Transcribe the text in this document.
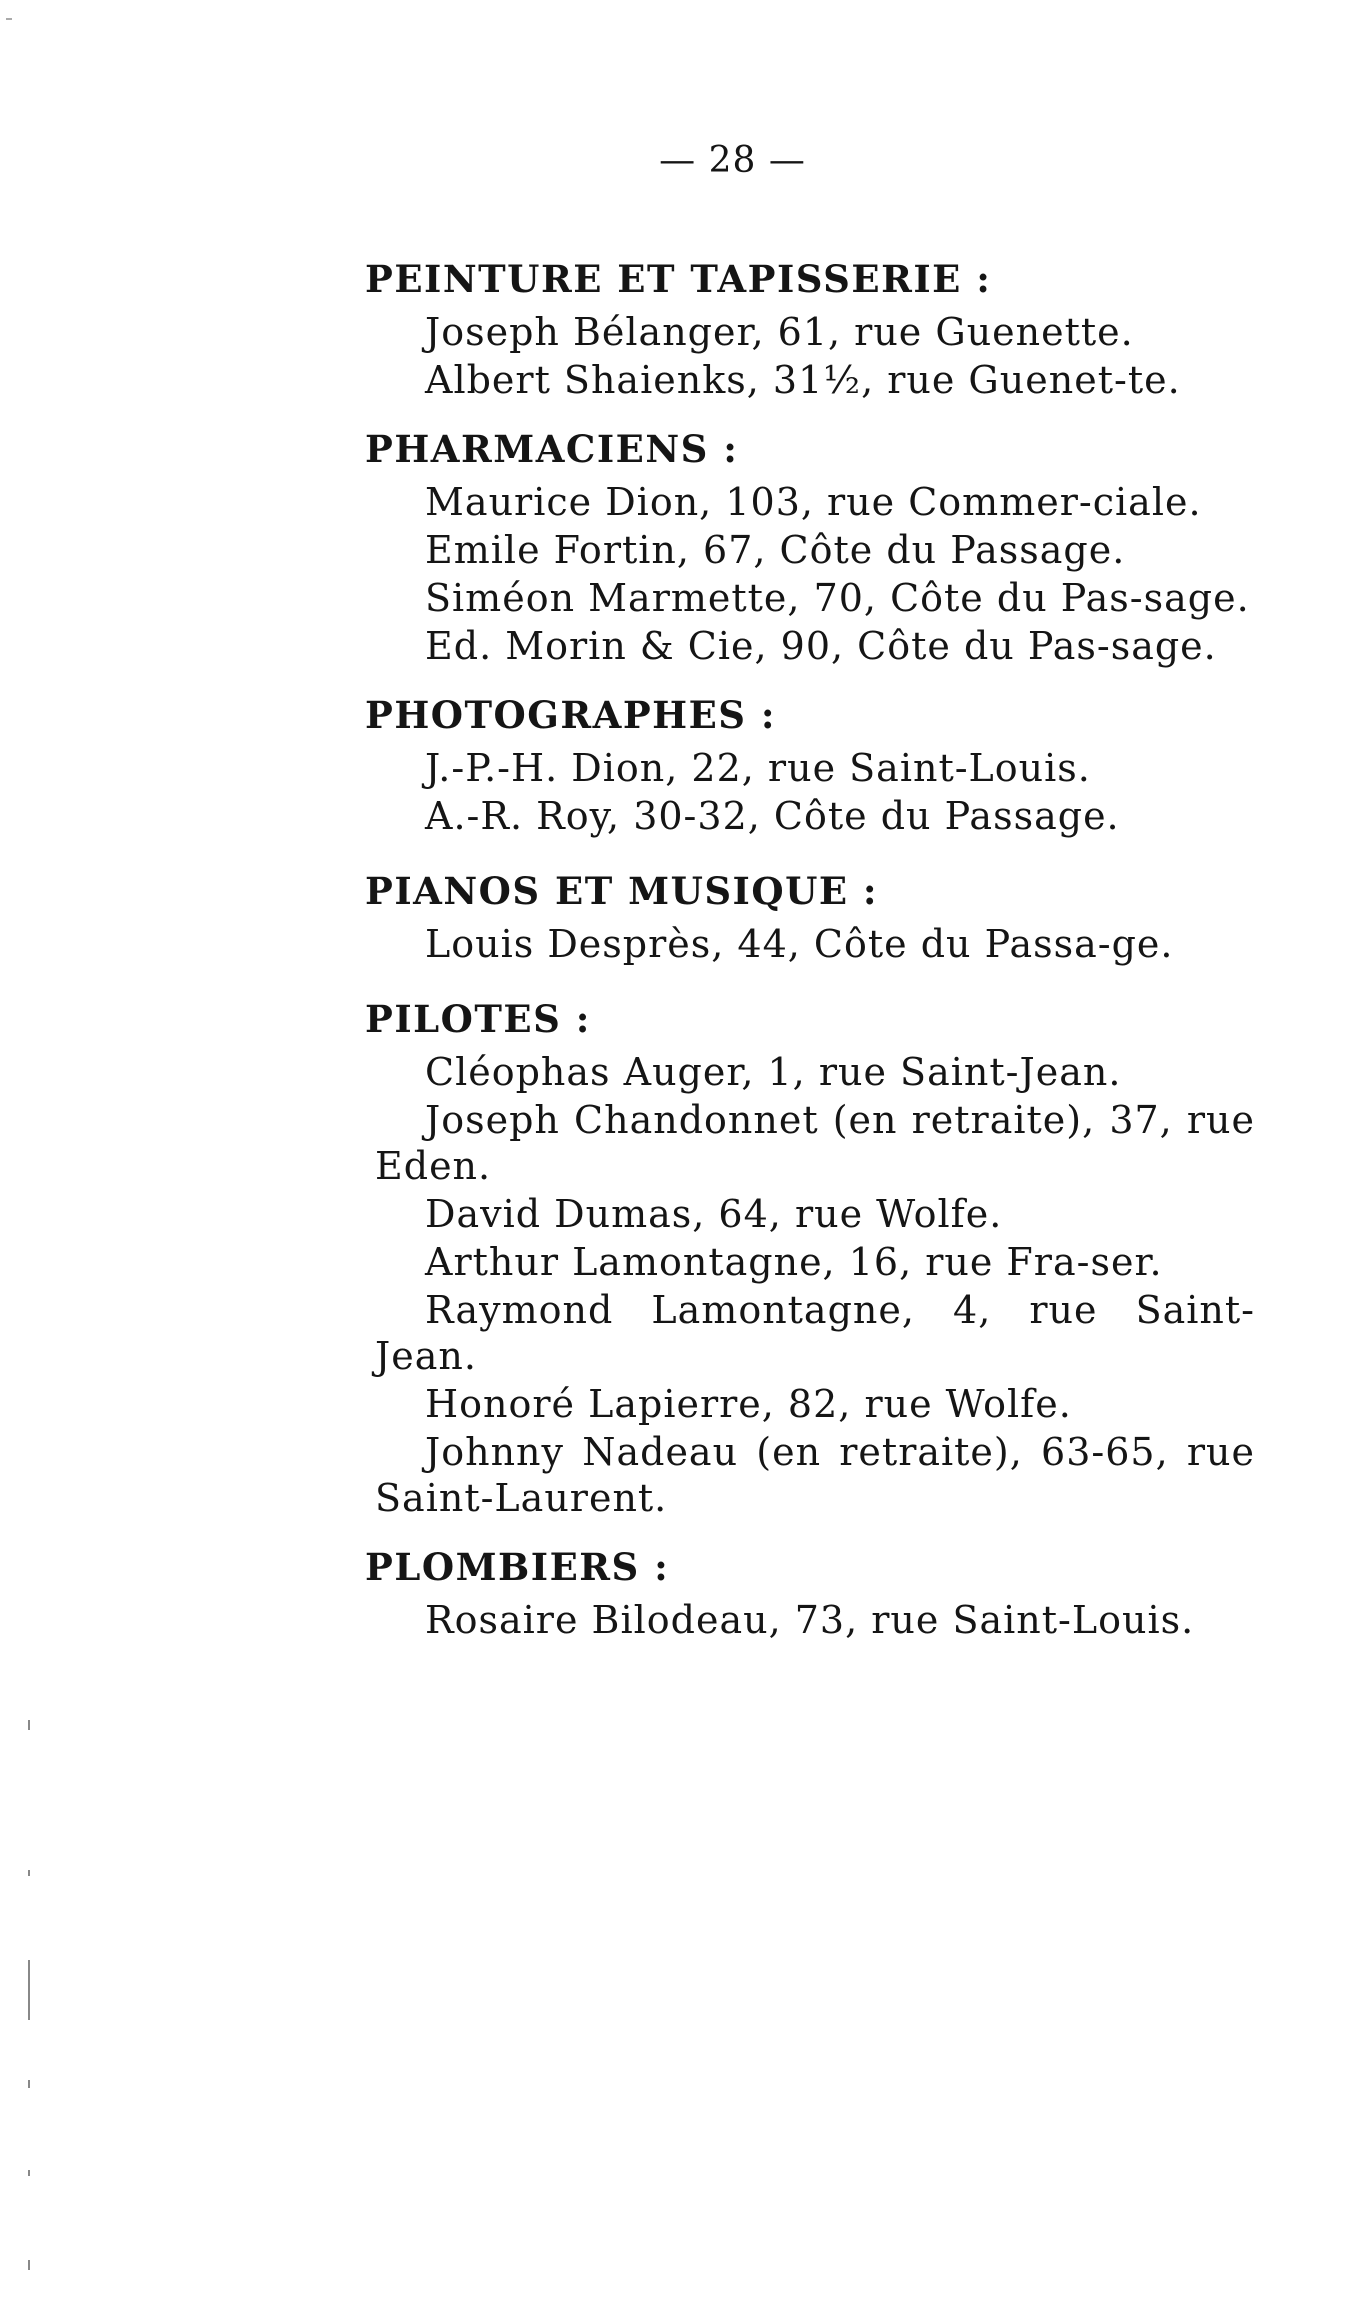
— 28 —
PEINTURE ET TAPISSERIE :

Joseph Bélanger, 61, rue Guenette.

Albert Shaienks, 31½, rue Guenet-te.

PHARMACIENS :

Maurice Dion, 103, rue Commer-ciale.

Emile Fortin, 67, Côte du Passage.

Siméon Marmette, 70, Côte du Pas-sage.

Ed. Morin & Cie, 90, Côte du Pas-sage.

PHOTOGRAPHES :

J.-P.-H. Dion, 22, rue Saint-Louis.

A.-R. Roy, 30-32, Côte du Passage.

PIANOS ET MUSIQUE :

Louis Desprès, 44, Côte du Passa-ge.

PILOTES :

Cléophas Auger, 1, rue Saint-Jean.

Joseph Chandonnet (en retraite), 37, rue Eden.

David Dumas, 64, rue Wolfe.

Arthur Lamontagne, 16, rue Fra-ser.

Raymond Lamontagne, 4, rue Saint-Jean.

Honoré Lapierre, 82, rue Wolfe.

Johnny Nadeau (en retraite), 63-65, rue Saint-Laurent.

PLOMBIERS :

Rosaire Bilodeau, 73, rue Saint-Louis.
